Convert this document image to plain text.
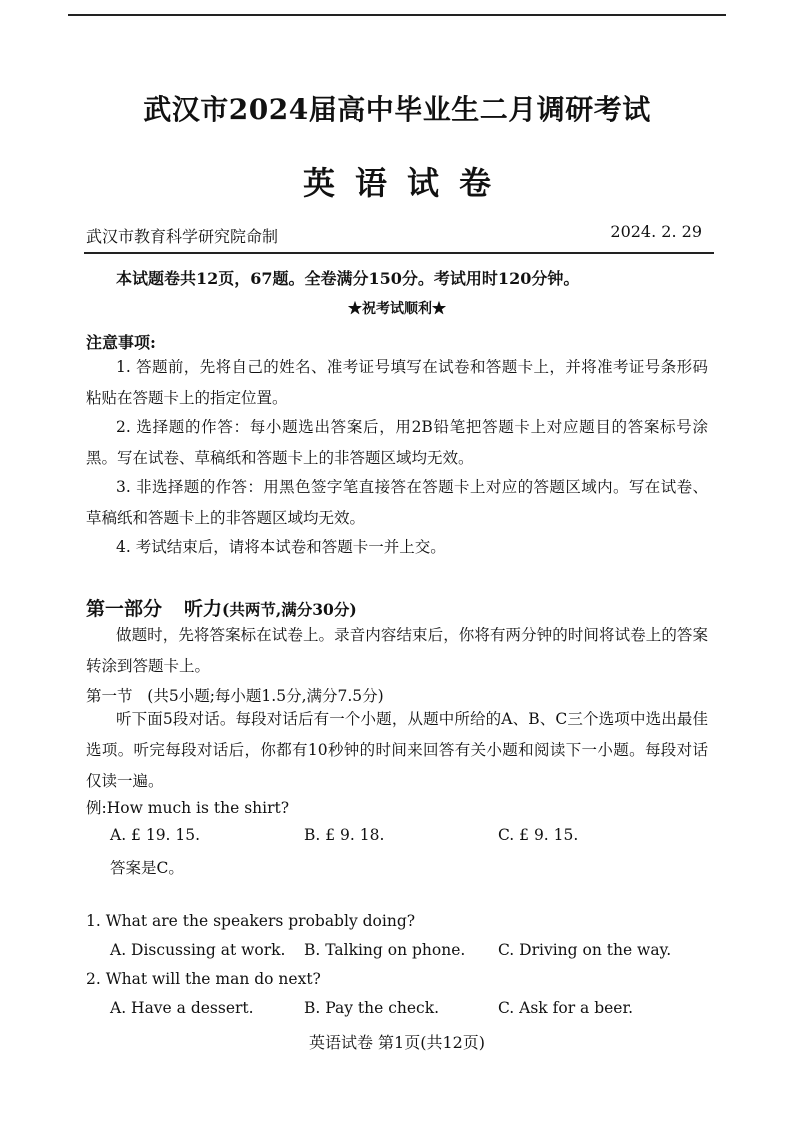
武汉市2024届高中毕业生二月调研考试
英语试卷
武汉市教育科学研究院命制	2024. 2. 29
本试题卷共12页，67题。全卷满分150分。考试用时120分钟。
★祝考试顺利★
注意事项:
1. 答题前，先将自己的姓名、准考证号填写在试卷和答题卡上，并将准考证号条形码粘贴在答题卡上的指定位置。
2. 选择题的作答：每小题选出答案后，用2B铅笔把答题卡上对应题目的答案标号涂黑。写在试卷、草稿纸和答题卡上的非答题区域均无效。
3. 非选择题的作答：用黑色签字笔直接答在答题卡上对应的答题区域内。写在试卷、草稿纸和答题卡上的非答题区域均无效。
4. 考试结束后，请将本试卷和答题卡一并上交。
第一部分 听力(共两节,满分30分)
做题时，先将答案标在试卷上。录音内容结束后，你将有两分钟的时间将试卷上的答案转涂到答题卡上。
第一节 (共5小题;每小题1.5分,满分7.5分)
听下面5段对话。每段对话后有一个小题，从题中所给的A、B、C三个选项中选出最佳选项。听完每段对话后，你都有10秒钟的时间来回答有关小题和阅读下一小题。每段对话仅读一遍。
例:How much is the shirt?
A. £ 19. 15.	B. £ 9. 18.	C. £ 9. 15.
答案是C。
1. What are the speakers probably doing?
A. Discussing at work. B. Talking on phone. C. Driving on the way.
2. What will the man do next?
A. Have a dessert.	B. Pay the check.	C. Ask for a beer.
英语试卷 第1页(共12页)
